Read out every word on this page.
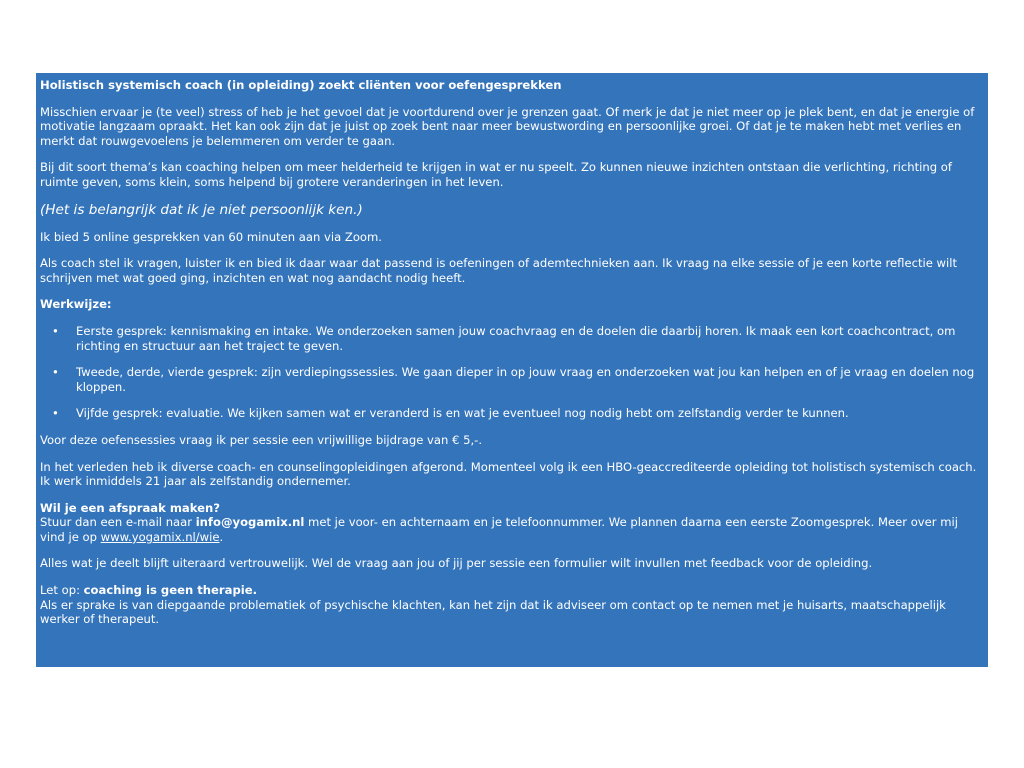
Holistisch systemisch coach (in opleiding) zoekt cliënten voor oefengesprekken

Misschien ervaar je (te veel) stress of heb je het gevoel dat je voortdurend over je grenzen gaat. Of merk je dat je niet meer op je plek bent, en dat je energie of motivatie langzaam opraakt. Het kan ook zijn dat je juist op zoek bent naar meer bewustwording en persoonlijke groei. Of dat je te maken hebt met verlies en merkt dat rouwgevoelens je belemmeren om verder te gaan.

Bij dit soort thema’s kan coaching helpen om meer helderheid te krijgen in wat er nu speelt. Zo kunnen nieuwe inzichten ontstaan die verlichting, richting of ruimte geven, soms klein, soms helpend bij grotere veranderingen in het leven.

(Het is belangrijk dat ik je niet persoonlijk ken.)

Ik bied 5 online gesprekken van 60 minuten aan via Zoom.

Als coach stel ik vragen, luister ik en bied ik daar waar dat passend is oefeningen of ademtechnieken aan. Ik vraag na elke sessie of je een korte reflectie wilt schrijven met wat goed ging, inzichten en wat nog aandacht nodig heeft.

Werkwijze:

• Eerste gesprek: kennismaking en intake. We onderzoeken samen jouw coachvraag en de doelen die daarbij horen. Ik maak een kort coachcontract, om richting en structuur aan het traject te geven.
• Tweede, derde, vierde gesprek: zijn verdiepingssessies. We gaan dieper in op jouw vraag en onderzoeken wat jou kan helpen en of je vraag en doelen nog kloppen.
• Vijfde gesprek: evaluatie. We kijken samen wat er veranderd is en wat je eventueel nog nodig hebt om zelfstandig verder te kunnen.

Voor deze oefensessies vraag ik per sessie een vrijwillige bijdrage van € 5,-.

In het verleden heb ik diverse coach- en counselingopleidingen afgerond. Momenteel volg ik een HBO-geaccrediteerde opleiding tot holistisch systemisch coach. Ik werk inmiddels 21 jaar als zelfstandig ondernemer.

Wil je een afspraak maken?

Stuur dan een e-mail naar info@yogamix.nl met je voor- en achternaam en je telefoonnummer. We plannen daarna een eerste Zoomgesprek. Meer over mij vind je op www.yogamix.nl/wie.

Alles wat je deelt blijft uiteraard vertrouwelijk. Wel de vraag aan jou of jij per sessie een formulier wilt invullen met feedback voor de opleiding.

Let op: coaching is geen therapie.

Als er sprake is van diepgaande problematiek of psychische klachten, kan het zijn dat ik adviseer om contact op te nemen met je huisarts, maatschappelijk werker of therapeut.
